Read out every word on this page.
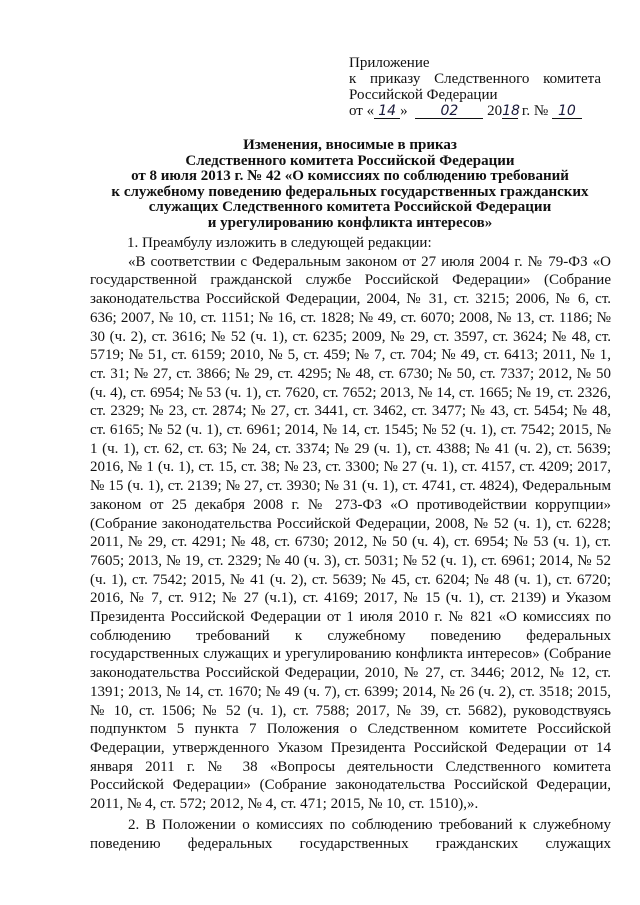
Приложение
к приказу Следственного комитета
Российской Федерации
от « 14 » 02 2018 г. № 10
Изменения, вносимые в приказ
Следственного комитета Российской Федерации
от 8 июля 2013 г. № 42 «О комиссиях по соблюдению требований
к служебному поведению федеральных государственных гражданских
служащих Следственного комитета Российской Федерации
и урегулированию конфликта интересов»

1. Преамбулу изложить в следующей редакции:

«В соответствии с Федеральным законом от 27 июля 2004 г. № 79-ФЗ «О государственной гражданской службе Российской Федерации» (Собрание законодательства Российской Федерации, 2004, № 31, ст. 3215; 2006, № 6, ст. 636; 2007, № 10, ст. 1151; № 16, ст. 1828; № 49, ст. 6070; 2008, № 13, ст. 1186; № 30 (ч. 2), ст. 3616; № 52 (ч. 1), ст. 6235; 2009, № 29, ст. 3597, ст. 3624; № 48, ст. 5719; № 51, ст. 6159; 2010, № 5, ст. 459; № 7, ст. 704; № 49, ст. 6413; 2011, № 1, ст. 31; № 27, ст. 3866; № 29, ст. 4295; № 48, ст. 6730; № 50, ст. 7337; 2012, № 50 (ч. 4), ст. 6954; № 53 (ч. 1), ст. 7620, ст. 7652; 2013, № 14, ст. 1665; № 19, ст. 2326, ст. 2329; № 23, ст. 2874; № 27, ст. 3441, ст. 3462, ст. 3477; № 43, ст. 5454; № 48, ст. 6165; № 52 (ч. 1), ст. 6961; 2014, № 14, ст. 1545; № 52 (ч. 1), ст. 7542; 2015, № 1 (ч. 1), ст. 62, ст. 63; № 24, ст. 3374; № 29 (ч. 1), ст. 4388; № 41 (ч. 2), ст. 5639; 2016, № 1 (ч. 1), ст. 15, ст. 38; № 23, ст. 3300; № 27 (ч. 1), ст. 4157, ст. 4209; 2017, № 15 (ч. 1), ст. 2139; № 27, ст. 3930; № 31 (ч. 1), ст. 4741, ст. 4824), Федеральным законом от 25 декабря 2008 г. № 273-ФЗ «О противодействии коррупции» (Собрание законодательства Российской Федерации, 2008, № 52 (ч. 1), ст. 6228; 2011, № 29, ст. 4291; № 48, ст. 6730; 2012, № 50 (ч. 4), ст. 6954; № 53 (ч. 1), ст. 7605; 2013, № 19, ст. 2329; № 40 (ч. 3), ст. 5031; № 52 (ч. 1), ст. 6961; 2014, № 52 (ч. 1), ст. 7542; 2015, № 41 (ч. 2), ст. 5639; № 45, ст. 6204; № 48 (ч. 1), ст. 6720; 2016, № 7, ст. 912; № 27 (ч.1), ст. 4169; 2017, № 15 (ч. 1), ст. 2139) и Указом Президента Российской Федерации от 1 июля 2010 г. № 821 «О комиссиях по соблюдению требований к служебному поведению федеральных государственных служащих и урегулированию конфликта интересов» (Собрание законодательства Российской Федерации, 2010, № 27, ст. 3446; 2012, № 12, ст. 1391; 2013, № 14, ст. 1670; № 49 (ч. 7), ст. 6399; 2014, № 26 (ч. 2), ст. 3518; 2015, № 10, ст. 1506; № 52 (ч. 1), ст. 7588; 2017, № 39, ст. 5682), руководствуясь подпунктом 5 пункта 7 Положения о Следственном комитете Российской Федерации, утвержденного Указом Президента Российской Федерации от 14 января 2011 г. № 38 «Вопросы деятельности Следственного комитета Российской Федерации» (Собрание законодательства Российской Федерации, 2011, № 4, ст. 572; 2012, № 4, ст. 471; 2015, № 10, ст. 1510),».

2. В Положении о комиссиях по соблюдению требований к служебному

поведению федеральных государственных гражданских служащих
